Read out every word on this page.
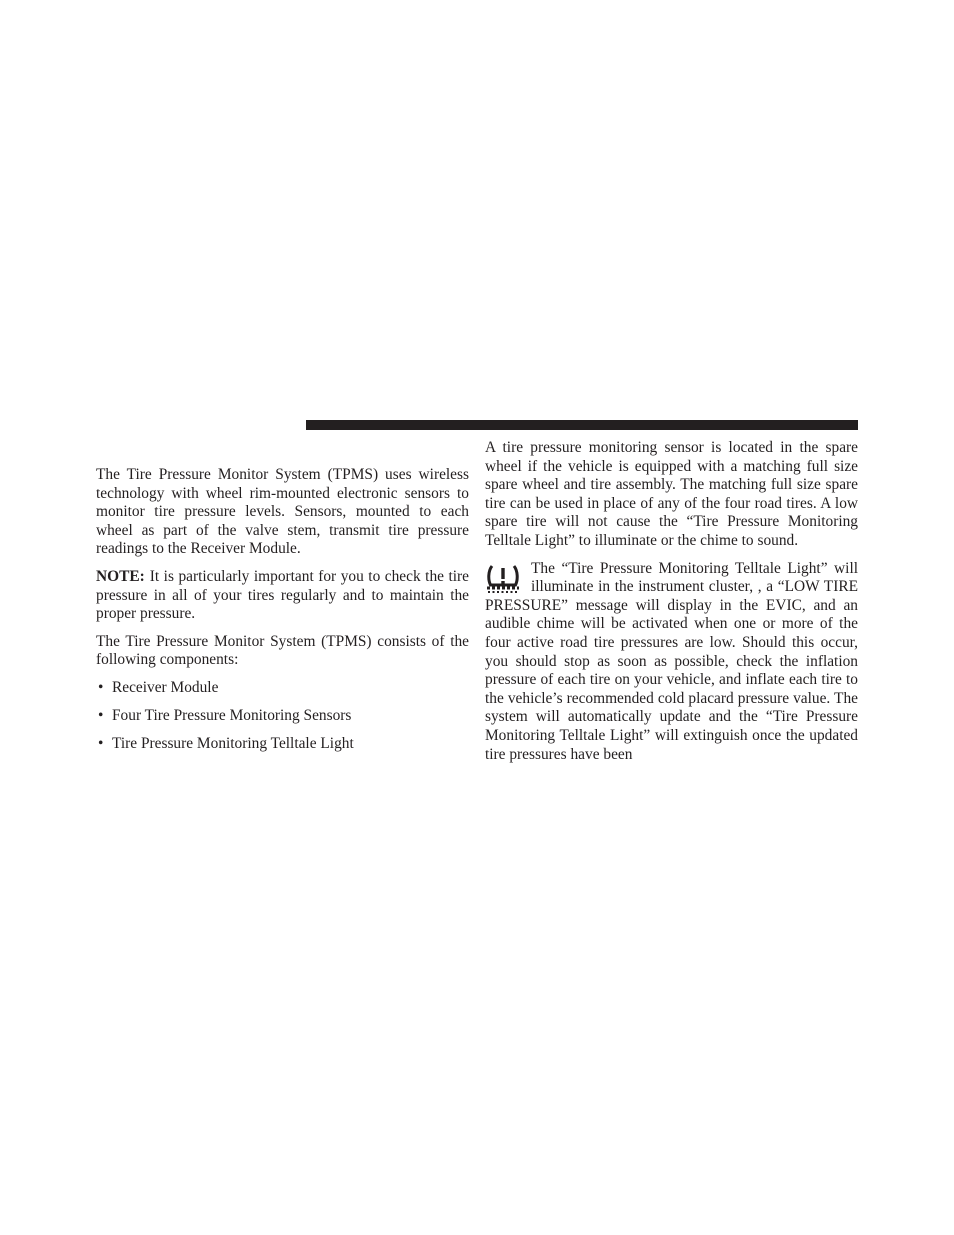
The Tire Pressure Monitor System (TPMS) uses wireless technology with wheel rim-mounted electronic sensors to monitor tire pressure levels. Sensors, mounted to each wheel as part of the valve stem, transmit tire pressure readings to the Receiver Module.

NOTE: It is particularly important for you to check the tire pressure in all of your tires regularly and to maintain the proper pressure.

The Tire Pressure Monitor System (TPMS) consists of the following components:

• Receiver Module
• Four Tire Pressure Monitoring Sensors
• Tire Pressure Monitoring Telltale Light

A tire pressure monitoring sensor is located in the spare wheel if the vehicle is equipped with a matching full size spare wheel and tire assembly. The matching full size spare tire can be used in place of any of the four road tires. A low spare tire will not cause the “Tire Pressure Monitoring Telltale Light” to illuminate or the chime to sound.

The “Tire Pressure Monitoring Telltale Light” will illuminate in the instrument cluster, , a “LOW TIRE PRESSURE” message will display in the EVIC, and an audible chime will be activated when one or more of the four active road tire pressures are low. Should this occur, you should stop as soon as possible, check the inflation pressure of each tire on your vehicle, and inflate each tire to the vehicle’s recommended cold placard pressure value. The system will automatically update and the “Tire Pressure Monitoring Telltale Light” will extinguish once the updated tire pressures have been
